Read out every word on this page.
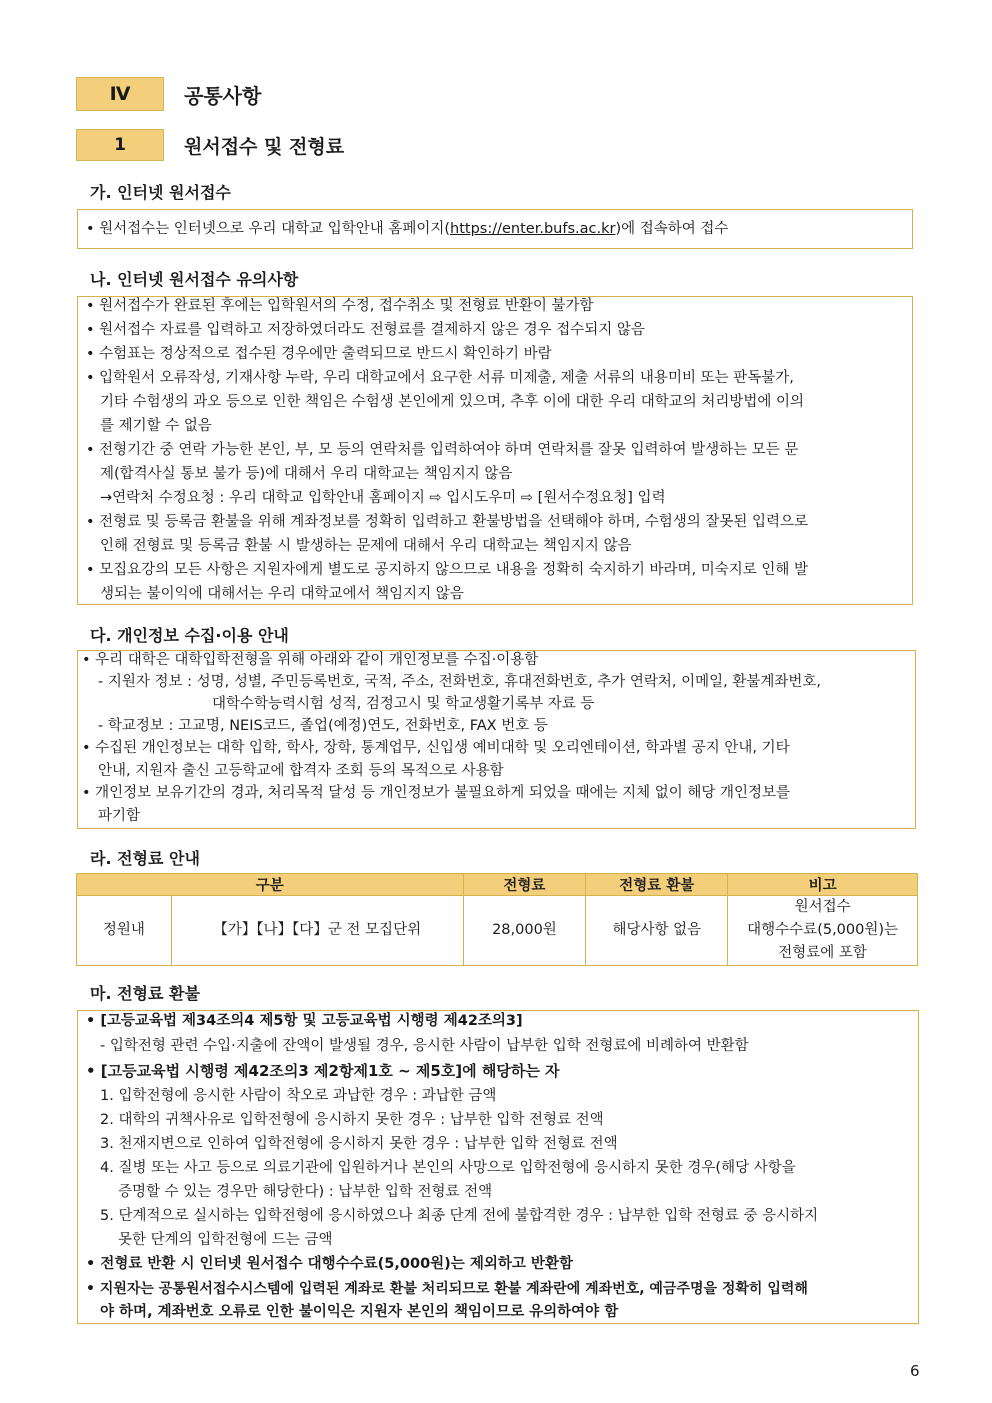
Ⅳ	공통사항
1	원서접수 및 전형료
가. 인터넷 원서접수
• 원서접수는 인터넷으로 우리 대학교 입학안내 홈페이지(https://enter.bufs.ac.kr)에 접속하여 접수
나. 인터넷 원서접수 유의사항
• 원서접수가 완료된 후에는 입학원서의 수정, 접수취소 및 전형료 반환이 불가함
• 원서접수 자료를 입력하고 저장하였더라도 전형료를 결제하지 않은 경우 접수되지 않음
• 수험표는 정상적으로 접수된 경우에만 출력되므로 반드시 확인하기 바람
• 입학원서 오류작성, 기재사항 누락, 우리 대학교에서 요구한 서류 미제출, 제출 서류의 내용미비 또는 판독불가,
기타 수험생의 과오 등으로 인한 책임은 수험생 본인에게 있으며, 추후 이에 대한 우리 대학교의 처리방법에 이의
를 제기할 수 없음
• 전형기간 중 연락 가능한 본인, 부, 모 등의 연락처를 입력하여야 하며 연락처를 잘못 입력하여 발생하는 모든 문
제(합격사실 통보 불가 등)에 대해서 우리 대학교는 책임지지 않음
→연락처 수정요청 : 우리 대학교 입학안내 홈페이지 ⇨ 입시도우미 ⇨ [원서수정요청] 입력
• 전형료 및 등록금 환불을 위해 계좌정보를 정확히 입력하고 환불방법을 선택해야 하며, 수험생의 잘못된 입력으로
인해 전형료 및 등록금 환불 시 발생하는 문제에 대해서 우리 대학교는 책임지지 않음
• 모집요강의 모든 사항은 지원자에게 별도로 공지하지 않으므로 내용을 정확히 숙지하기 바라며, 미숙지로 인해 발
생되는 불이익에 대해서는 우리 대학교에서 책임지지 않음
다. 개인정보 수집·이용 안내
• 우리 대학은 대학입학전형을 위해 아래와 같이 개인정보를 수집·이용함
- 지원자 정보 : 성명, 성별, 주민등록번호, 국적, 주소, 전화번호, 휴대전화번호, 추가 연락처, 이메일, 환불계좌번호,
대학수학능력시험 성적, 검정고시 및 학교생활기록부 자료 등
- 학교정보 : 고교명, NEIS코드, 졸업(예정)연도, 전화번호, FAX 번호 등
• 수집된 개인정보는 대학 입학, 학사, 장학, 통계업무, 신입생 예비대학 및 오리엔테이션, 학과별 공지 안내, 기타
안내, 지원자 출신 고등학교에 합격자 조회 등의 목적으로 사용함
• 개인정보 보유기간의 경과, 처리목적 달성 등 개인정보가 불필요하게 되었을 때에는 지체 없이 해당 개인정보를
파기함
라. 전형료 안내
구분		전형료	전형료 환불	비고
정원내	【가】【나】【다】군 전 모집단위	28,000원	해당사항 없음	원서접수
대행수수료(5,000원)는
전형료에 포함
마. 전형료 환불
• [고등교육법 제34조의4 제5항 및 고등교육법 시행령 제42조의3]
- 입학전형 관련 수입·지출에 잔액이 발생될 경우, 응시한 사람이 납부한 입학 전형료에 비례하여 반환함
• [고등교육법 시행령 제42조의3 제2항제1호 ~ 제5호]에 해당하는 자
1. 입학전형에 응시한 사람이 착오로 과납한 경우 : 과납한 금액
2. 대학의 귀책사유로 입학전형에 응시하지 못한 경우 : 납부한 입학 전형료 전액
3. 천재지변으로 인하여 입학전형에 응시하지 못한 경우 : 납부한 입학 전형료 전액
4. 질병 또는 사고 등으로 의료기관에 입원하거나 본인의 사망으로 입학전형에 응시하지 못한 경우(해당 사항을
증명할 수 있는 경우만 해당한다) : 납부한 입학 전형료 전액
5. 단계적으로 실시하는 입학전형에 응시하였으나 최종 단계 전에 불합격한 경우 : 납부한 입학 전형료 중 응시하지
못한 단계의 입학전형에 드는 금액
• 전형료 반환 시 인터넷 원서접수 대행수수료(5,000원)는 제외하고 반환함
• 지원자는 공통원서접수시스템에 입력된 계좌로 환불 처리되므로 환불 계좌란에 계좌번호, 예금주명을 정확히 입력해
야 하며, 계좌번호 오류로 인한 불이익은 지원자 본인의 책임이므로 유의하여야 함
6
